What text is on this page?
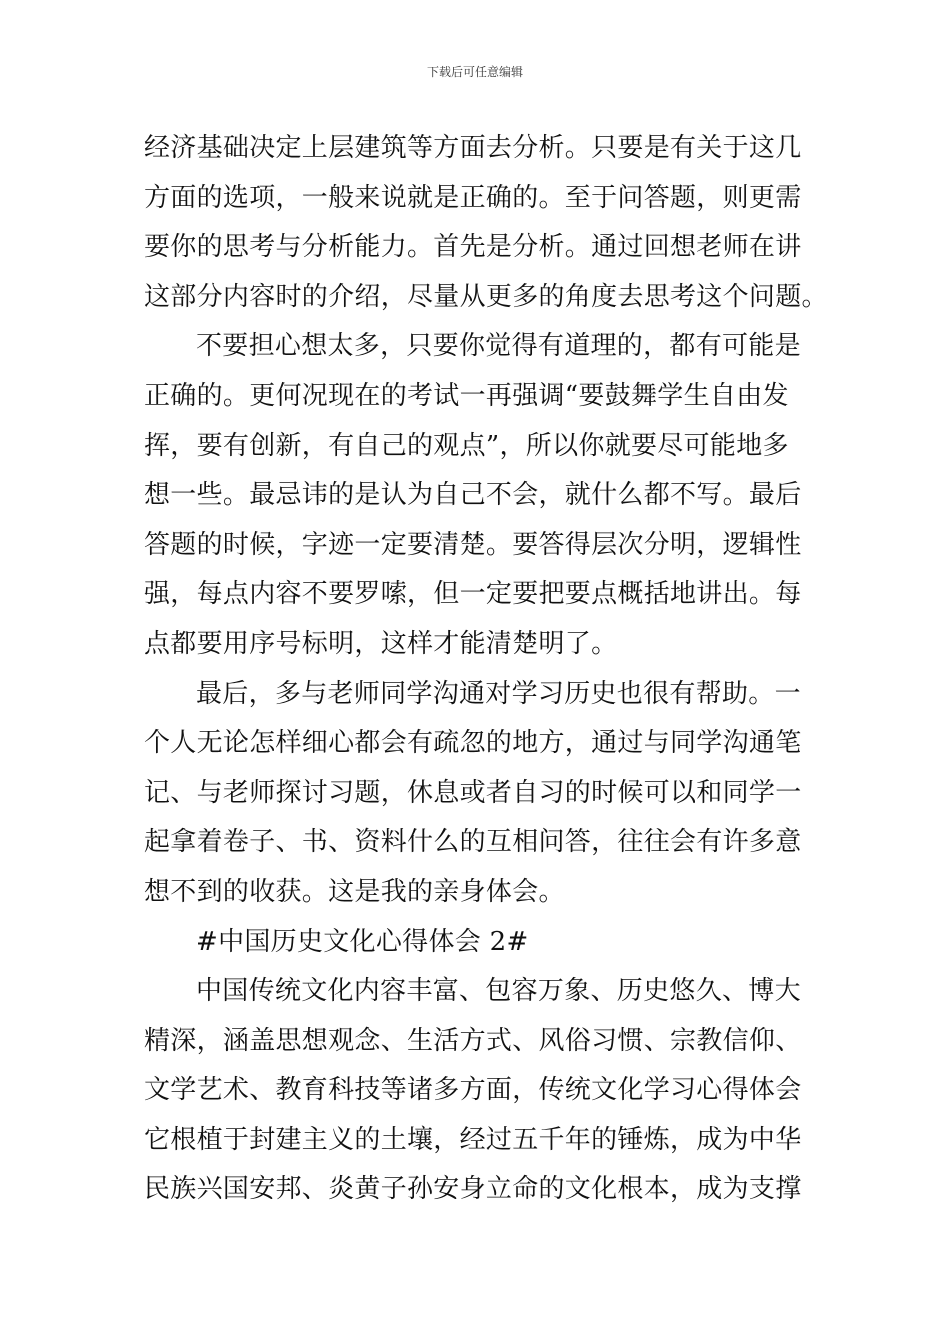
下载后可任意编辑
经济基础决定上层建筑等方面去分析。只要是有关于这几
方面的选项，一般来说就是正确的。至于问答题，则更需
要你的思考与分析能力。首先是分析。通过回想老师在讲
这部分内容时的介绍，尽量从更多的角度去思考这个问题。
不要担心想太多，只要你觉得有道理的，都有可能是
正确的。更何况现在的考试一再强调“要鼓舞学生自由发
挥，要有创新，有自己的观点”，所以你就要尽可能地多
想一些。最忌讳的是认为自己不会，就什么都不写。最后
答题的时候，字迹一定要清楚。要答得层次分明，逻辑性
强，每点内容不要罗嗦，但一定要把要点概括地讲出。每
点都要用序号标明，这样才能清楚明了。
最后，多与老师同学沟通对学习历史也很有帮助。一
个人无论怎样细心都会有疏忽的地方，通过与同学沟通笔
记、与老师探讨习题，休息或者自习的时候可以和同学一
起拿着卷子、书、资料什么的互相问答，往往会有许多意
想不到的收获。这是我的亲身体会。
#中国历史文化心得体会 2#
中国传统文化内容丰富、包容万象、历史悠久、博大
精深，涵盖思想观念、生活方式、风俗习惯、宗教信仰、
文学艺术、教育科技等诸多方面，传统文化学习心得体会
它根植于封建主义的土壤，经过五千年的锤炼，成为中华
民族兴国安邦、炎黄子孙安身立命的文化根本，成为支撑
